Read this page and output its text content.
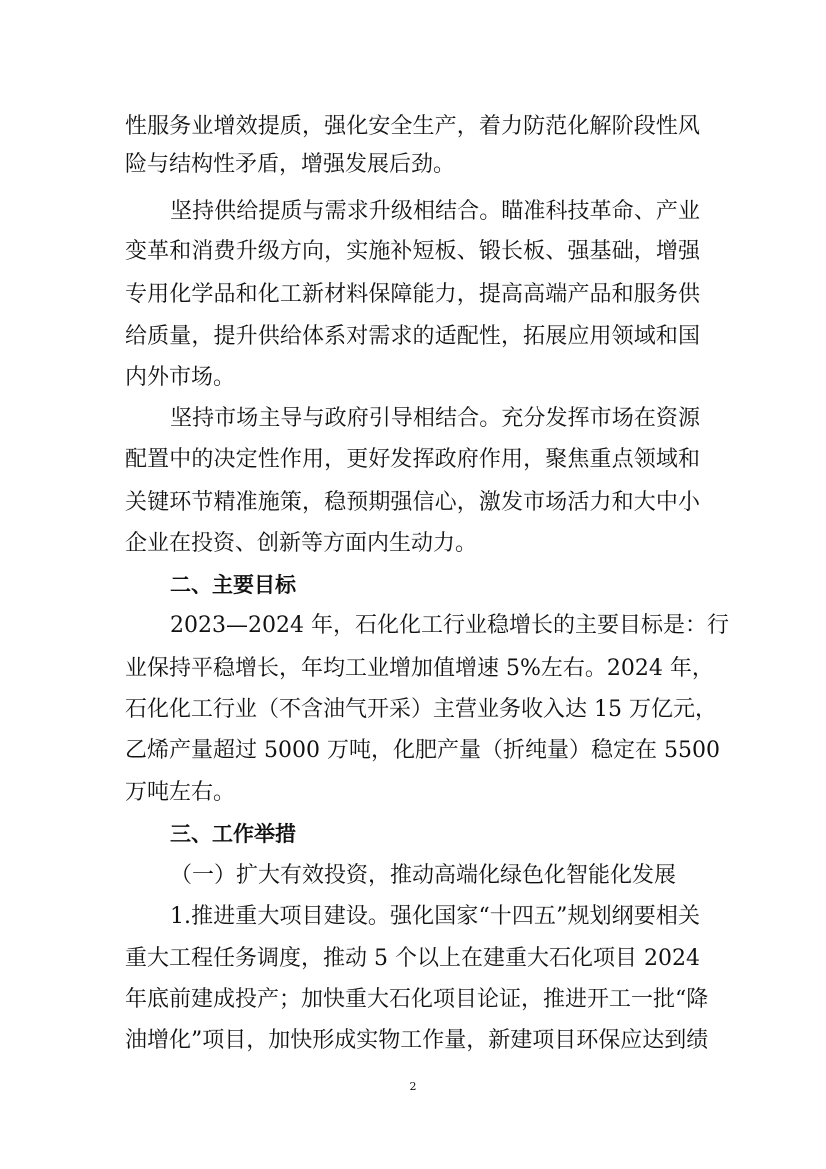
性服务业增效提质，强化安全生产，着力防范化解阶段性风
险与结构性矛盾，增强发展后劲。
坚持供给提质与需求升级相结合。瞄准科技革命、产业
变革和消费升级方向，实施补短板、锻长板、强基础，增强
专用化学品和化工新材料保障能力，提高高端产品和服务供
给质量，提升供给体系对需求的适配性，拓展应用领域和国
内外市场。
坚持市场主导与政府引导相结合。充分发挥市场在资源
配置中的决定性作用，更好发挥政府作用，聚焦重点领域和
关键环节精准施策，稳预期强信心，激发市场活力和大中小
企业在投资、创新等方面内生动力。
二、主要目标
2023—2024 年，石化化工行业稳增长的主要目标是：行
业保持平稳增长，年均工业增加值增速 5%左右。2024 年，
石化化工行业（不含油气开采）主营业务收入达 15 万亿元，
乙烯产量超过 5000 万吨，化肥产量（折纯量）稳定在 5500
万吨左右。
三、工作举措
（一）扩大有效投资，推动高端化绿色化智能化发展
1.推进重大项目建设。强化国家“十四五”规划纲要相关
重大工程任务调度，推动 5 个以上在建重大石化项目 2024
年底前建成投产；加快重大石化项目论证，推进开工一批“降
油增化”项目，加快形成实物工作量，新建项目环保应达到绩
2
